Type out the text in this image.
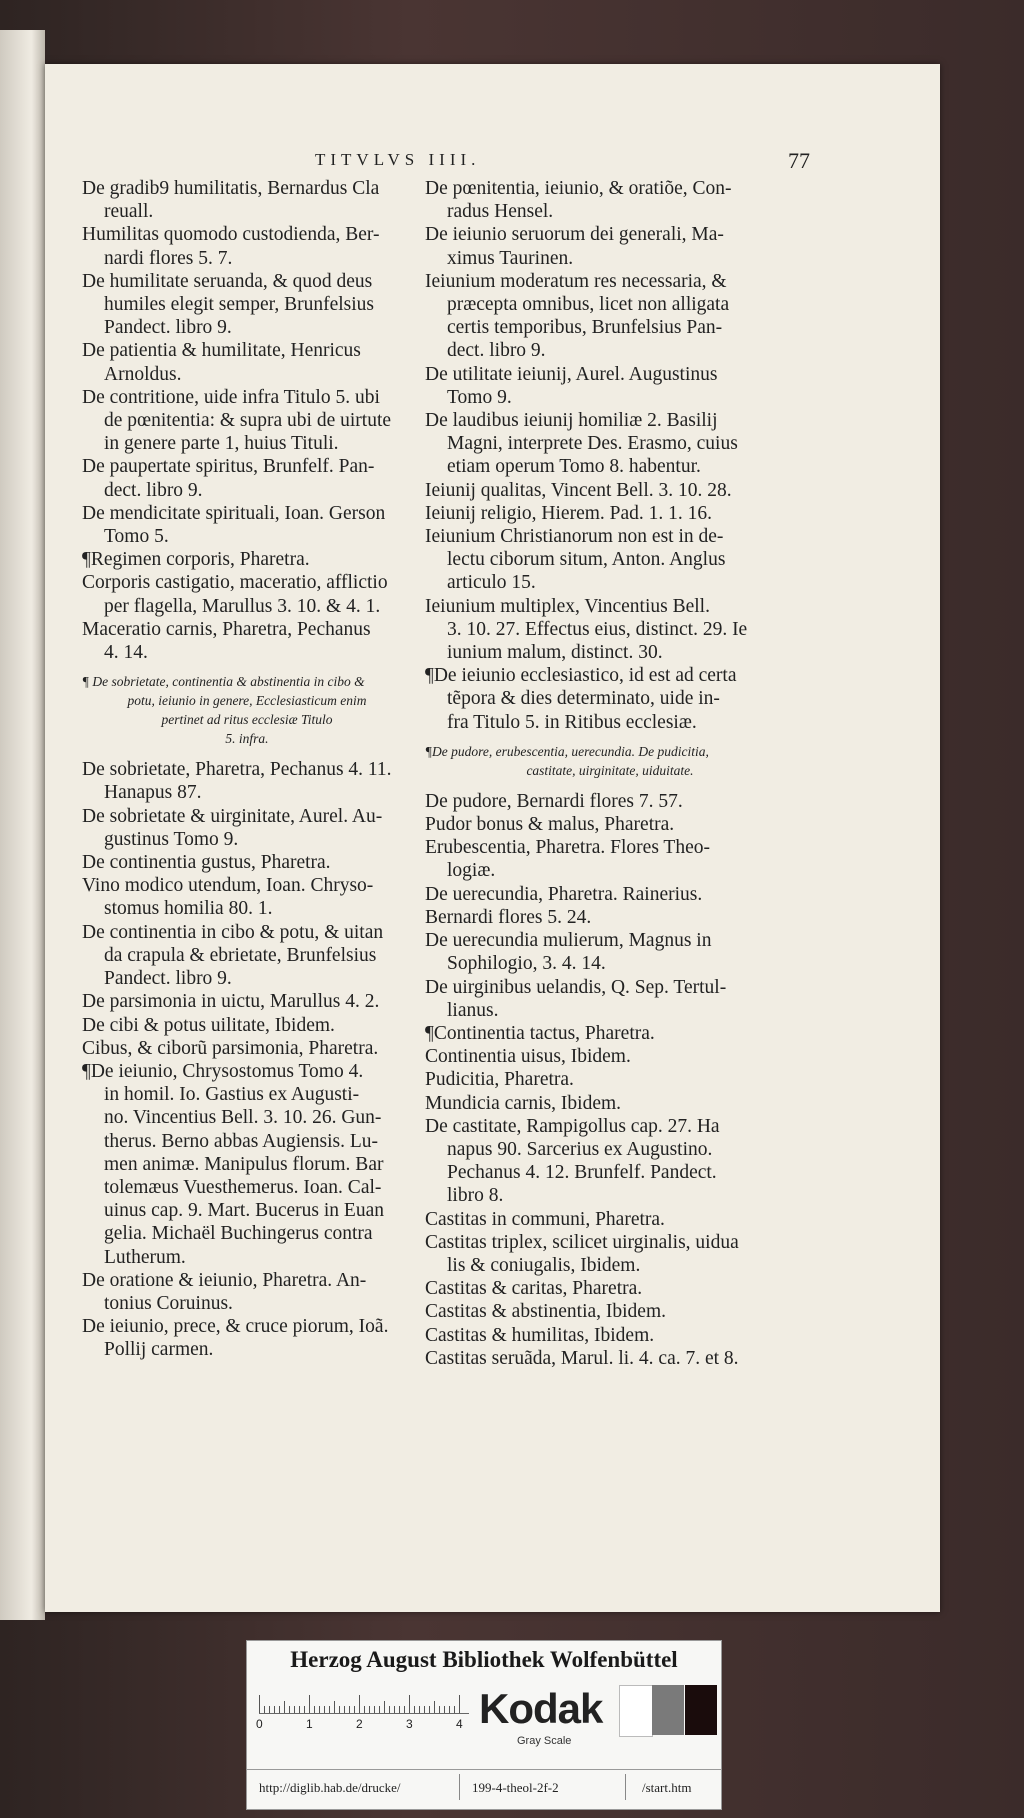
TITVLVS IIII.	77
De gradib9 humilitatis, Bernardus Cla
reuall.
Humilitas quomodo custodienda, Ber-
nardi flores 5. 7.
De humilitate seruanda, & quod deus
humiles elegit semper, Brunfelsius
Pandect. libro 9.
De patientia & humilitate, Henricus
Arnoldus.
De contritione, uide infra Titulo 5. ubi
de pœnitentia: & supra ubi de uirtute
in genere parte 1, huius Tituli.
De paupertate spiritus, Brunfelf. Pan-
dect. libro 9.
De mendicitate spirituali, Ioan. Gerson
Tomo 5.
¶Regimen corporis, Pharetra.
Corporis castigatio, maceratio, afflictio
per flagella, Marullus 3. 10. & 4. 1.
Maceratio carnis, Pharetra, Pechanus
4. 14.
¶ De sobrietate, continentia & abstinentia in cibo &
potu, ieiunio in genere, Ecclesiasticum enim
pertinet ad ritus ecclesiæ Titulo
5. infra.
De sobrietate, Pharetra, Pechanus 4. 11.
Hanapus 87.
De sobrietate & uirginitate, Aurel. Au-
gustinus Tomo 9.
De continentia gustus, Pharetra.
Vino modico utendum, Ioan. Chryso-
stomus homilia 80. 1.
De continentia in cibo & potu, & uitan
da crapula & ebrietate, Brunfelsius
Pandect. libro 9.
De parsimonia in uictu, Marullus 4. 2.
De cibi & potus uilitate, Ibidem.
Cibus, & ciborũ parsimonia, Pharetra.
¶De ieiunio, Chrysostomus Tomo 4.
in homil. Io. Gastius ex Augusti-
no. Vincentius Bell. 3. 10. 26. Gun-
therus. Berno abbas Augiensis. Lu-
men animæ. Manipulus florum. Bar
tolemæus Vuesthemerus. Ioan. Cal-
uinus cap. 9. Mart. Bucerus in Euan
gelia. Michaël Buchingerus contra
Lutherum.
De oratione & ieiunio, Pharetra. An-
tonius Coruinus.
De ieiunio, prece, & cruce piorum, Ioã.
Pollij carmen.
De pœnitentia, ieiunio, & oratiõe, Con-
radus Hensel.
De ieiunio seruorum dei generali, Ma-
ximus Taurinen.
Ieiunium moderatum res necessaria, &
præcepta omnibus, licet non alligata
certis temporibus, Brunfelsius Pan-
dect. libro 9.
De utilitate ieiunij, Aurel. Augustinus
Tomo 9.
De laudibus ieiunij homiliæ 2. Basilij
Magni, interprete Des. Erasmo, cuius
etiam operum Tomo 8. habentur.
Ieiunij qualitas, Vincent Bell. 3. 10. 28.
Ieiunij religio, Hierem. Pad. 1. 1. 16.
Ieiunium Christianorum non est in de-
lectu ciborum situm, Anton. Anglus
articulo 15.
Ieiunium multiplex, Vincentius Bell.
3. 10. 27. Effectus eius, distinct. 29. Ie
iunium malum, distinct. 30.
¶De ieiunio ecclesiastico, id est ad certa
tẽpora & dies determinato, uide in-
fra Titulo 5. in Ritibus ecclesiæ.
¶De pudore, erubescentia, uerecundia. De pudicitia,
castitate, uirginitate, uiduitate.
De pudore, Bernardi flores 7. 57.
Pudor bonus & malus, Pharetra.
Erubescentia, Pharetra. Flores Theo-
logiæ.
De uerecundia, Pharetra. Rainerius.
Bernardi flores 5. 24.
De uerecundia mulierum, Magnus in
Sophilogio, 3. 4. 14.
De uirginibus uelandis, Q. Sep. Tertul-
lianus.
¶Continentia tactus, Pharetra.
Continentia uisus, Ibidem.
Pudicitia, Pharetra.
Mundicia carnis, Ibidem.
De castitate, Rampigollus cap. 27. Ha
napus 90. Sarcerius ex Augustino.
Pechanus 4. 12. Brunfelf. Pandect.
libro 8.
Castitas in communi, Pharetra.
Castitas triplex, scilicet uirginalis, uidua
lis & coniugalis, Ibidem.
Castitas & caritas, Pharetra.
Castitas & abstinentia, Ibidem.
Castitas & humilitas, Ibidem.
Castitas seruãda, Marul. li. 4. ca. 7. et 8.
Herzog August Bibliothek Wolfenbüttel
0	1	2	3	4 Kodak
Gray Scale
http://diglib.hab.de/drucke/	199-4-theol-2f-2	/start.htm
